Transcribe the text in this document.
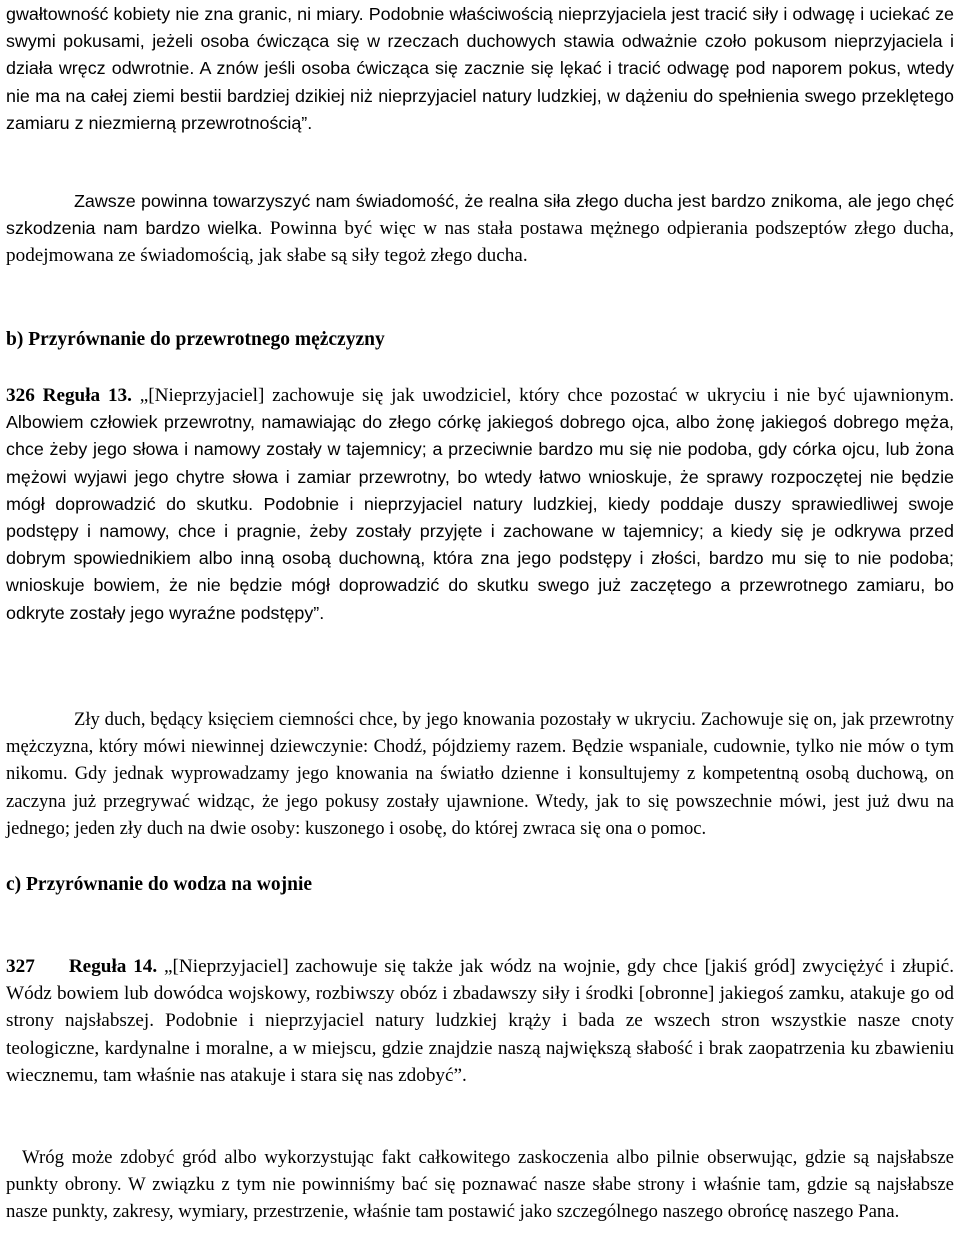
gwałtowność kobiety nie zna granic, ni miary. Podobnie właściwością nieprzyjaciela jest tracić siły i odwagę i uciekać ze swymi pokusami, jeżeli osoba ćwicząca się w rzeczach duchowych stawia odważnie czoło pokusom nieprzyjaciela i działa wręcz odwrotnie. A znów jeśli osoba ćwicząca się zacznie się lękać i tracić odwagę pod naporem pokus, wtedy nie ma na całej ziemi bestii bardziej dzikiej niż nieprzyjaciel natury ludzkiej, w dążeniu do spełnienia swego przeklętego zamiaru z niezmierną przewrotnością”.

Zawsze powinna towarzyszyć nam świadomość, że realna siła złego ducha jest bardzo znikoma, ale jego chęć szkodzenia nam bardzo wielka. Powinna być więc w nas stała postawa mężnego odpierania podszeptów złego ducha, podejmowana ze świadomością, jak słabe są siły tegoż złego ducha.

b) Przyrównanie do przewrotnego mężczyzny

326 Reguła 13. „[Nieprzyjaciel] zachowuje się jak uwodziciel, który chce pozostać w ukryciu i nie być ujawnionym. Albowiem człowiek przewrotny, namawiając do złego córkę jakiegoś dobrego ojca, albo żonę jakiegoś dobrego męża, chce żeby jego słowa i namowy zostały w tajemnicy; a przeciwnie bardzo mu się nie podoba, gdy córka ojcu, lub żona mężowi wyjawi jego chytre słowa i zamiar przewrotny, bo wtedy łatwo wnioskuje, że sprawy rozpoczętej nie będzie mógł doprowadzić do skutku. Podobnie i nieprzyjaciel natury ludzkiej, kiedy poddaje duszy sprawiedliwej swoje podstępy i namowy, chce i pragnie, żeby zostały przyjęte i zachowane w tajemnicy; a kiedy się je odkrywa przed dobrym spowiednikiem albo inną osobą duchowną, która zna jego podstępy i złości, bardzo mu się to nie podoba; wnioskuje bowiem, że nie będzie mógł doprowadzić do skutku swego już zaczętego a przewrotnego zamiaru, bo odkryte zostały jego wyraźne podstępy”.

Zły duch, będący księciem ciemności chce, by jego knowania pozostały w ukryciu. Zachowuje się on, jak przewrotny mężczyzna, który mówi niewinnej dziewczynie: Chodź, pójdziemy razem. Będzie wspaniale, cudownie, tylko nie mów o tym nikomu. Gdy jednak wyprowadzamy jego knowania na światło dzienne i konsultujemy z kompetentną osobą duchową, on zaczyna już przegrywać widząc, że jego pokusy zostały ujawnione. Wtedy, jak to się powszechnie mówi, jest już dwu na jednego; jeden zły duch na dwie osoby: kuszonego i osobę, do której zwraca się ona o pomoc.

c) Przyrównanie do wodza na wojnie

327     Reguła 14. „[Nieprzyjaciel] zachowuje się także jak wódz na wojnie, gdy chce [jakiś gród] zwyciężyć i złupić. Wódz bowiem lub dowódca wojskowy, rozbiwszy obóz i zbadawszy siły i środki [obronne] jakiegoś zamku, atakuje go od strony najsłabszej. Podobnie i nieprzyjaciel natury ludzkiej krąży i bada ze wszech stron wszystkie nasze cnoty teologiczne, kardynalne i moralne, a w miejscu, gdzie znajdzie naszą największą słabość i brak zaopatrzenia ku zbawieniu wiecznemu, tam właśnie nas atakuje i stara się nas zdobyć”.

Wróg może zdobyć gród albo wykorzystując fakt całkowitego zaskoczenia albo pilnie obserwując, gdzie są najsłabsze punkty obrony. W związku z tym nie powinniśmy bać się poznawać nasze słabe strony i właśnie tam, gdzie są najsłabsze nasze punkty, zakresy, wymiary, przestrzenie, właśnie tam postawić jako szczególnego naszego obrońcę naszego Pana.
